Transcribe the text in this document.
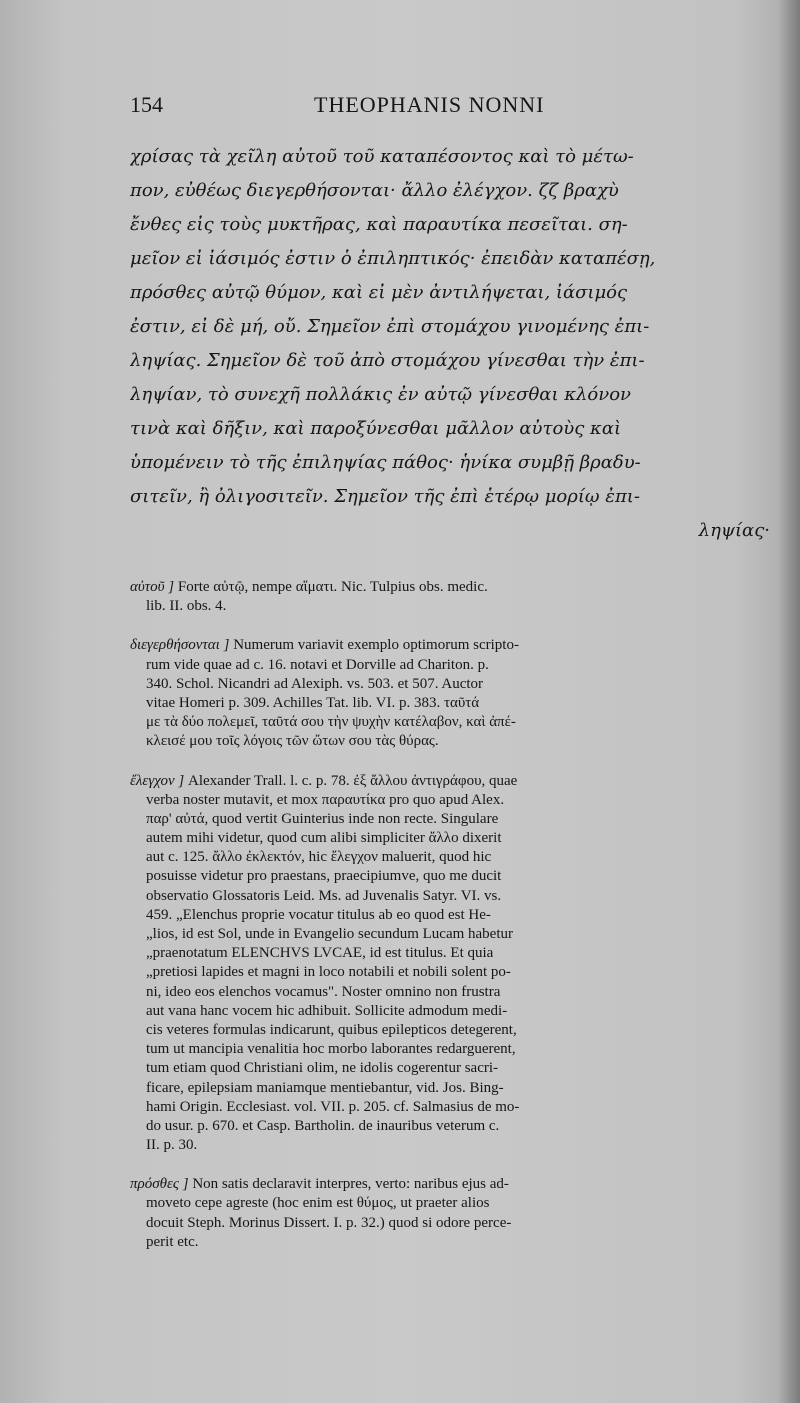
154	THEOPHANIS NONNI
χρίσας τὰ χεῖλη αὐτοῦ τοῦ καταπέσοντος καὶ τὸ μέτω-
πον, εὐθέως διεγερθήσονται· ἄλλο ἐλέγχον. ζζ βραχὺ
ἔνθες εἰς τοὺς μυκτῆρας, καὶ παραυτίκα πεσεῖται. ση-
μεῖον εἰ ἰάσιμός ἐστιν ὁ ἐπιληπτικός· ἐπειδὰν καταπέσῃ,
πρόσθες αὐτῷ θύμον, καὶ εἰ μὲν ἀντιλήψεται, ἰάσιμός
ἐστιν, εἰ δὲ μή, οὔ. Σημεῖον ἐπὶ στομάχου γινομένης ἐπι-
ληψίας. Σημεῖον δὲ τοῦ ἀπὸ στομάχου γίνεσθαι τὴν ἐπι-
ληψίαν, τὸ συνεχῆ πολλάκις ἐν αὐτῷ γίνεσθαι κλόνον
τινὰ καὶ δῆξιν, καὶ παροξύνεσθαι μᾶλλον αὐτοὺς καὶ
ὑπομένειν τὸ τῆς ἐπιληψίας πάθος· ἡνίκα συμβῇ βραδυ-
σιτεῖν, ἢ ὀλιγοσιτεῖν. Σημεῖον τῆς ἐπὶ ἑτέρῳ μορίῳ ἐπι-
ληψίας·
αὐτοῦ ] Forte αὐτῷ, nempe αἵματι. Nic. Tulpius obs. medic.
lib. II. obs. 4.
διεγερθήσονται ] Numerum variavit exemplo optimorum scripto-
rum vide quae ad c. 16. notavi et Dorville ad Chariton. p.
340. Schol. Nicandri ad Alexiph. vs. 503. et 507. Auctor
vitae Homeri p. 309. Achilles Tat. lib. VI. p. 383. ταῦτά
με τὰ δύο πολεμεῖ, ταῦτά σου τὴν ψυχὴν κατέλαβον, καὶ ἀπέ-
κλεισέ μου τοῖς λόγοις τῶν ὤτων σου τὰς θύρας.
ἔλεγχον ] Alexander Trall. l. c. p. 78. ἐξ ἄλλου ἀντιγράφου, quae
verba noster mutavit, et mox παραυτίκα pro quo apud Alex.
παρ' αὐτά, quod vertit Guinterius inde non recte. Singulare
autem mihi videtur, quod cum alibi simpliciter ἄλλο dixerit
aut c. 125. ἄλλο ἐκλεκτόν, hic ἔλεγχον maluerit, quod hic
posuisse videtur pro praestans, praecipiumve, quo me ducit
observatio Glossatoris Leid. Ms. ad Juvenalis Satyr. VI. vs.
459. „Elenchus proprie vocatur titulus ab eo quod est He-
„lios, id est Sol, unde in Evangelio secundum Lucam habetur
„praenotatum ELENCHVS LVCAE, id est titulus. Et quia
„pretiosi lapides et magni in loco notabili et nobili solent po-
ni, ideo eos elenchos vocamus". Noster omnino non frustra
aut vana hanc vocem hic adhibuit. Sollicite admodum medi-
cis veteres formulas indicarunt, quibus epilepticos detegerent,
tum ut mancipia venalitia hoc morbo laborantes redarguerent,
tum etiam quod Christiani olim, ne idolis cogerentur sacri-
ficare, epilepsiam maniamque mentiebantur, vid. Jos. Bing-
hami Origin. Ecclesiast. vol. VII. p. 205. cf. Salmasius de mo-
do usur. p. 670. et Casp. Bartholin. de inauribus veterum c.
II. p. 30.
πρόσθες ] Non satis declaravit interpres, verto: naribus ejus ad-
moveto cepe agreste (hoc enim est θύμος, ut praeter alios
docuit Steph. Morinus Dissert. I. p. 32.) quod si odore perce-
perit etc.
